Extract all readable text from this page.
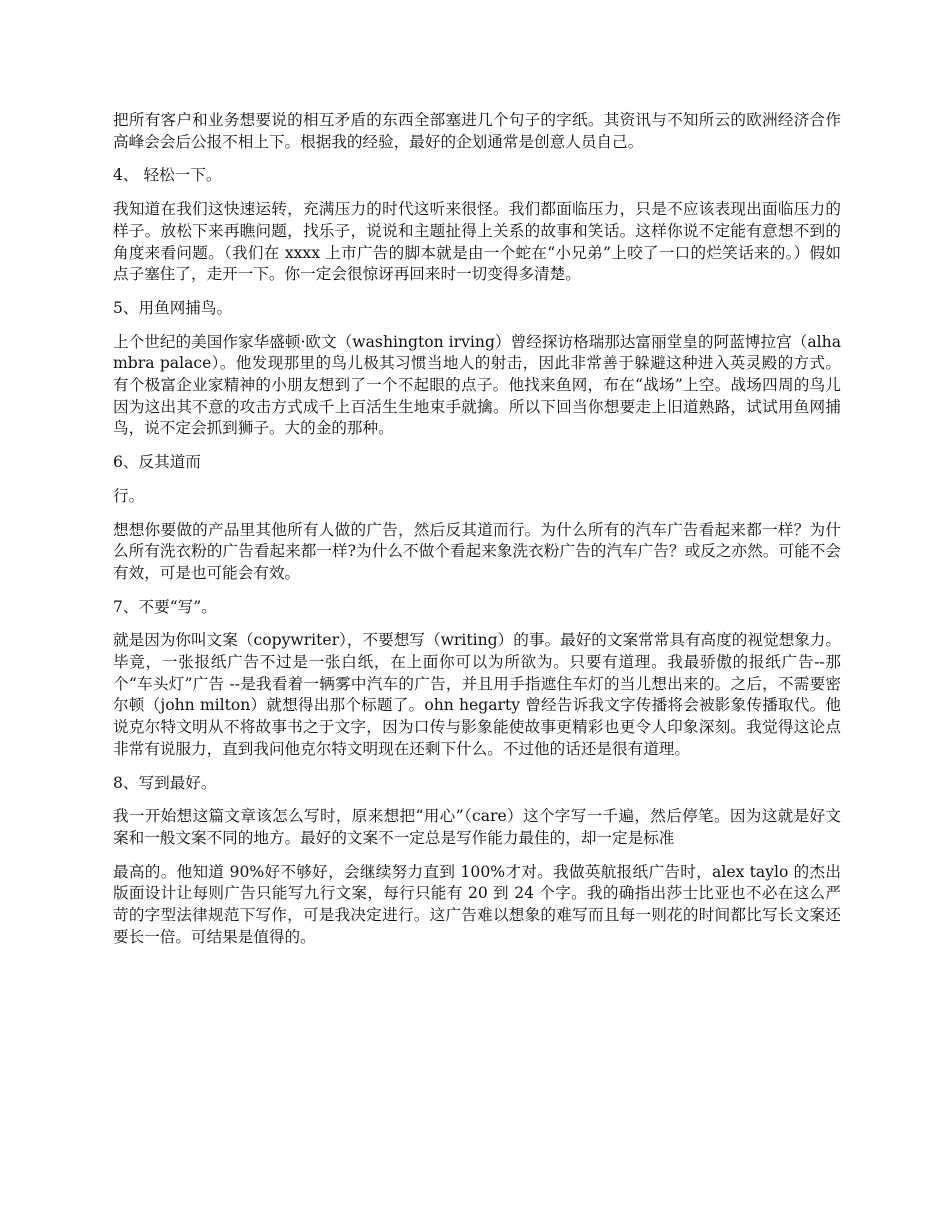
把所有客户和业务想要说的相互矛盾的东西全部塞进几个句子的字纸。其资讯与不知所云的欧洲经济合作高峰会会后公报不相上下。根据我的经验，最好的企划通常是创意人员自己。

4、 轻松一下。

我知道在我们这快速运转，充满压力的时代这听来很怪。我们都面临压力，只是不应该表现出面临压力的样子。放松下来再瞧问题，找乐子，说说和主题扯得上关系的故事和笑话。这样你说不定能有意想不到的角度来看问题。（我们在 xxxx 上市广告的脚本就是由一个蛇在“小兄弟”上咬了一口的烂笑话来的。）假如点子塞住了，走开一下。你一定会很惊讶再回来时一切变得多清楚。

5、用鱼网捕鸟。

上个世纪的美国作家华盛顿·欧文（washington irving）曾经探访格瑞那达富丽堂皇的阿蓝博拉宫（alhambra palace）。他发现那里的鸟儿极其习惯当地人的射击，因此非常善于躲避这种进入英灵殿的方式。有个极富企业家精神的小朋友想到了一个不起眼的点子。他找来鱼网，布在“战场”上空。战场四周的鸟儿因为这出其不意的攻击方式成千上百活生生地束手就擒。所以下回当你想要走上旧道熟路，试试用鱼网捕鸟，说不定会抓到狮子。大的金的那种。

6、反其道而

行。

想想你要做的产品里其他所有人做的广告，然后反其道而行。为什么所有的汽车广告看起来都一样？为什么所有洗衣粉的广告看起来都一样?为什么不做个看起来象洗衣粉广告的汽车广告？或反之亦然。可能不会有效，可是也可能会有效。

7、不要“写”。

就是因为你叫文案（copywriter），不要想写（writing）的事。最好的文案常常具有高度的视觉想象力。毕竟，一张报纸广告不过是一张白纸，在上面你可以为所欲为。只要有道理。我最骄傲的报纸广告--那个“车头灯”广告 --是我看着一辆雾中汽车的广告，并且用手指遮住车灯的当儿想出来的。之后，不需要密尔顿（john milton）就想得出那个标题了。ohn hegarty 曾经告诉我文字传播将会被影象传播取代。他说克尔特文明从不将故事书之于文字，因为口传与影象能使故事更精彩也更令人印象深刻。我觉得这论点非常有说服力，直到我问他克尔特文明现在还剩下什么。不过他的话还是很有道理。

8、写到最好。

我一开始想这篇文章该怎么写时，原来想把“用心”（care）这个字写一千遍，然后停笔。因为这就是好文案和一般文案不同的地方。最好的文案不一定总是写作能力最佳的，却一定是标准

最高的。他知道 90%好不够好，会继续努力直到 100%才对。我做英航报纸广告时，alex taylo 的杰出版面设计让每则广告只能写九行文案，每行只能有 20 到 24 个字。我的确指出莎士比亚也不必在这么严苛的字型法律规范下写作，可是我决定进行。这广告难以想象的难写而且每一则花的时间都比写长文案还要长一倍。可结果是值得的。
